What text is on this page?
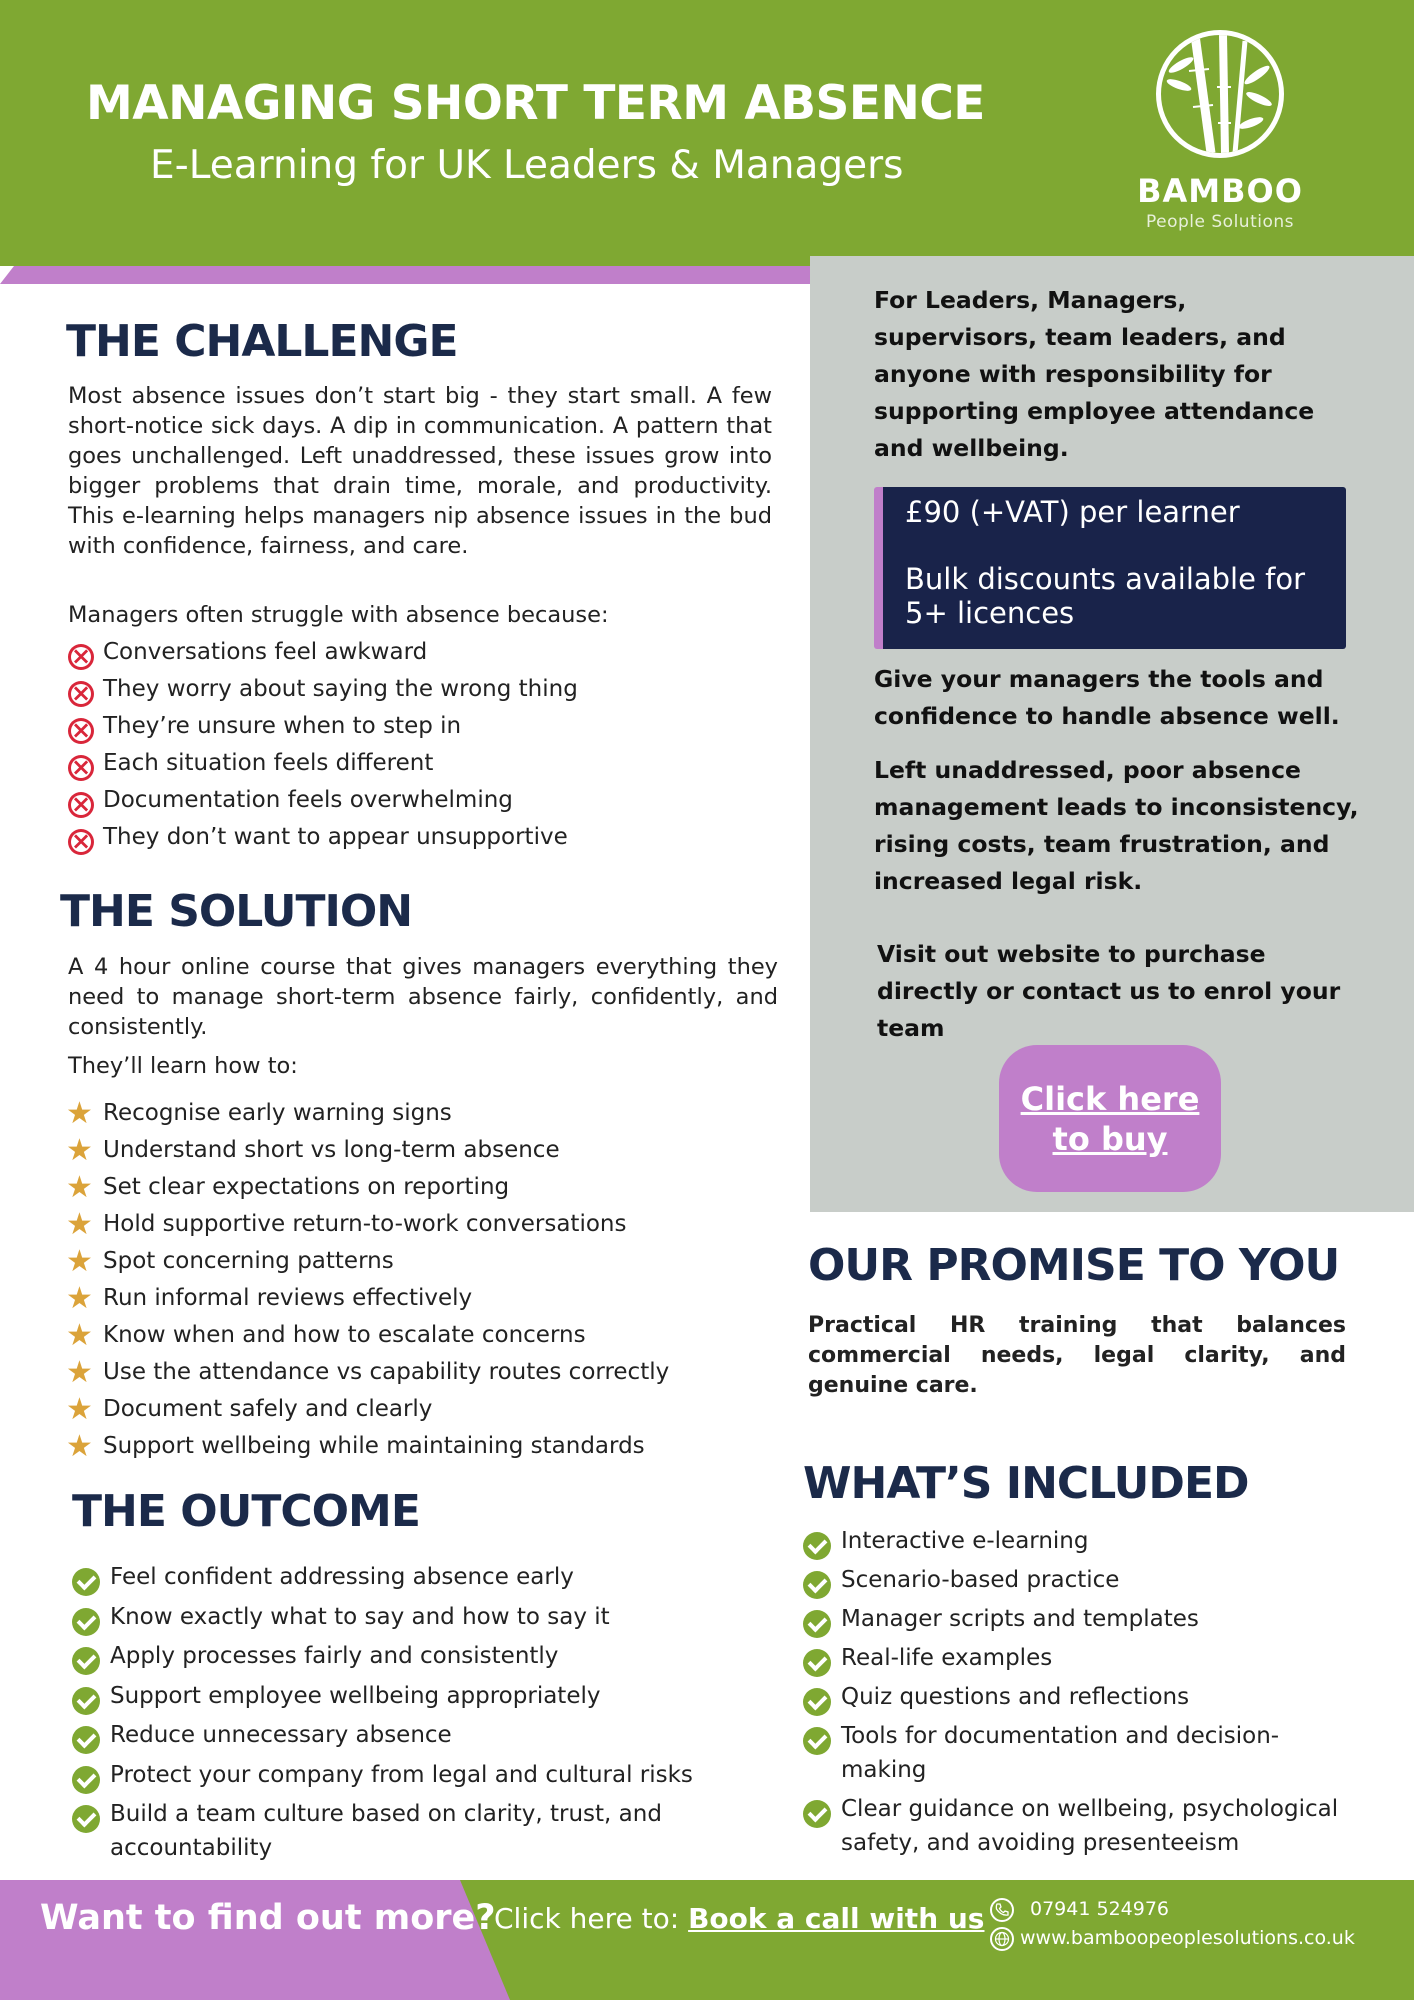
MANAGING SHORT TERM ABSENCE
E-Learning for UK Leaders & Managers
BAMBOO
People Solutions
THE CHALLENGE
Most absence issues don’t start big - they start small. A few short-notice sick days. A dip in communication. A pattern that goes unchallenged. Left unaddressed, these issues grow into bigger problems that drain time, morale, and productivity. This e-learning helps managers nip absence issues in the bud with confidence, fairness, and care.
Managers often struggle with absence because:
×
Conversations feel awkward
×
They worry about saying the wrong thing
×
They’re unsure when to step in
×
Each situation feels different
×
Documentation feels overwhelming
×
They don’t want to appear unsupportive
THE SOLUTION
A 4 hour online course that gives managers everything they need to manage short-term absence fairly, confidently, and consistently.
They’ll learn how to:
★ Recognise early warning signs
★ Understand short vs long-term absence
★ Set clear expectations on reporting
★ Hold supportive return-to-work conversations
★ Spot concerning patterns
★ Run informal reviews effectively
★ Know when and how to escalate concerns
★ Use the attendance vs capability routes correctly
★ Document safely and clearly
★ Support wellbeing while maintaining standards
THE OUTCOME
Feel confident addressing absence early
Know exactly what to say and how to say it
Apply processes fairly and consistently
Support employee wellbeing appropriately
Reduce unnecessary absence
Protect your company from legal and cultural risks
Build a team culture based on clarity, trust, and
accountability
For Leaders, Managers, supervisors, team leaders, and anyone with responsibility for supporting employee attendance and wellbeing.
£90 (+VAT) per learner
Bulk discounts available for 5+ licences
Give your managers the tools and confidence to handle absence well.
Left unaddressed, poor absence management leads to inconsistency, rising costs, team frustration, and increased legal risk.
Visit out website to purchase directly or contact us to enrol your team
Click here to buy
OUR PROMISE TO YOU
Practical HR training that balances commercial needs, legal clarity, and genuine care.
WHAT’S INCLUDED
Interactive e-learning
Scenario-based practice
Manager scripts and templates
Real-life examples
Quiz questions and reflections
Tools for documentation and decision-
making
Clear guidance on wellbeing, psychological
safety, and avoiding presenteeism
Want to find out more?
Click here to: Book a call with us 07941 524976
www.bamboopeoplesolutions.co.uk
